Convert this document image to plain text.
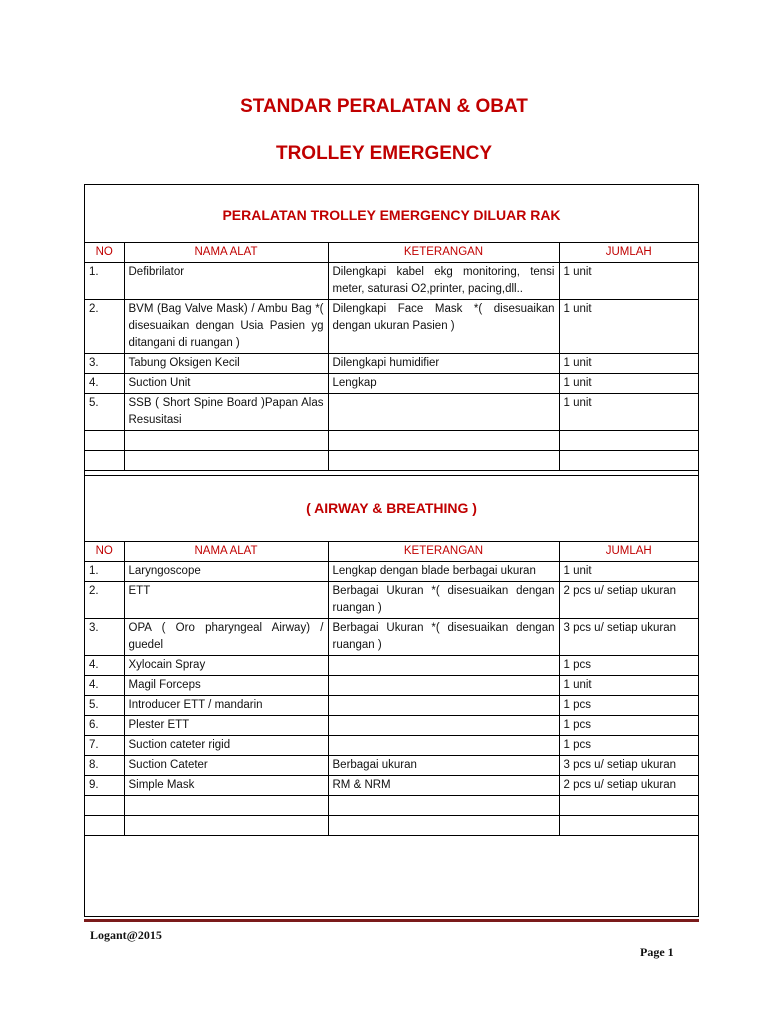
STANDAR PERALATAN & OBAT
TROLLEY EMERGENCY
PERALATAN TROLLEY EMERGENCY DILUAR RAK
NO	NAMA ALAT	KETERANGAN	JUMLAH
1.	Defibrilator	Dilengkapi kabel ekg monitoring, tensi meter, saturasi O2,printer, pacing,dll..	1 unit
2.	BVM (Bag Valve Mask) / Ambu Bag *( disesuaikan dengan Usia Pasien yg ditangani di ruangan )	Dilengkapi Face Mask *( disesuaikan dengan ukuran Pasien )	1 unit
3.	Tabung Oksigen Kecil	Dilengkapi humidifier	1 unit
4.	Suction Unit	Lengkap	1 unit
5.	SSB ( Short Spine Board )Papan Alas Resusitasi		1 unit

( AIRWAY & BREATHING )
NO	NAMA ALAT	KETERANGAN	JUMLAH
1.	Laryngoscope	Lengkap dengan blade berbagai ukuran	1 unit
2.	ETT	Berbagai Ukuran *( disesuaikan dengan ruangan )	2 pcs u/ setiap ukuran
3.	OPA ( Oro pharyngeal Airway) / guedel	Berbagai Ukuran *( disesuaikan dengan ruangan )	3 pcs u/ setiap ukuran
4.	Xylocain Spray		1 pcs
4.	Magil Forceps		1 unit
5.	Introducer ETT / mandarin		1 pcs
6.	Plester ETT		1 pcs
7.	Suction cateter rigid		1 pcs
8.	Suction Cateter	Berbagai ukuran	3 pcs u/ setiap ukuran
9.	Simple Mask	RM & NRM	2 pcs u/ setiap ukuran

Logant@2015
Page 1
